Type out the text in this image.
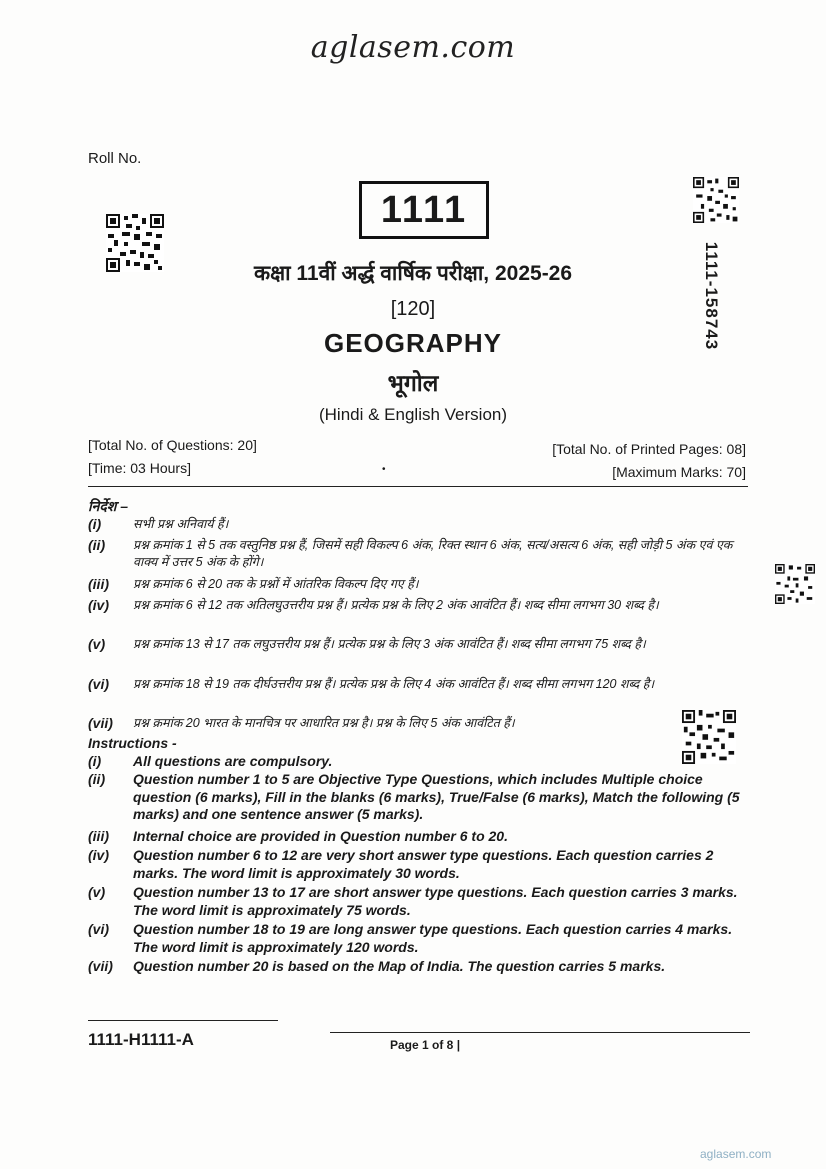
aglasem.com
Roll No.
1111
1111-158743
कक्षा 11वीं अर्द्ध वार्षिक परीक्षा, 2025-26
[120]
GEOGRAPHY
भूगोल
(Hindi & English Version)
[Total No. of Questions: 20]
[Time: 03 Hours]
[Total No. of Printed Pages: 08]
[Maximum Marks: 70]
•
निर्देश –
(i)	सभी प्रश्न अनिवार्य हैं।
(ii)	प्रश्न क्रमांक 1 से 5 तक वस्तुनिष्ठ प्रश्न हैं, जिसमें सही विकल्प 6 अंक, रिक्त स्थान 6 अंक, सत्य/असत्य 6 अंक, सही जोड़ी 5 अंक एवं एक वाक्य में उत्तर 5 अंक के होंगे।
(iii)	प्रश्न क्रमांक 6 से 20 तक के प्रश्नों में आंतरिक विकल्प दिए गए हैं।
(iv)	प्रश्न क्रमांक 6 से 12 तक अतिलघुउत्तरीय प्रश्न हैं। प्रत्येक प्रश्न के लिए 2 अंक आवंटित हैं। शब्द सीमा लगभग 30 शब्द है।
(v)	प्रश्न क्रमांक 13 से 17 तक लघुउत्तरीय प्रश्न हैं। प्रत्येक प्रश्न के लिए 3 अंक आवंटित हैं। शब्द सीमा लगभग 75 शब्द है।
(vi)	प्रश्न क्रमांक 18 से 19 तक दीर्घउत्तरीय प्रश्न हैं। प्रत्येक प्रश्न के लिए 4 अंक आवंटित हैं। शब्द सीमा लगभग 120 शब्द है।
(vii)	प्रश्न क्रमांक 20 भारत के मानचित्र पर आधारित प्रश्न है। प्रश्न के लिए 5 अंक आवंटित हैं।
Instructions -
(i)	All questions are compulsory.
(ii)	Question number 1 to 5 are Objective Type Questions, which includes Multiple choice question (6 marks), Fill in the blanks (6 marks), True/False (6 marks), Match the following (5 marks) and one sentence answer (5 marks).
(iii)	Internal choice are provided in Question number 6 to 20.
(iv)	Question number 6 to 12 are very short answer type questions. Each question carries 2 marks. The word limit is approximately 30 words.
(v)	Question number 13 to 17 are short answer type questions. Each question carries 3 marks. The word limit is approximately 75 words.
(vi)	Question number 18 to 19 are long answer type questions. Each question carries 4 marks. The word limit is approximately 120 words.
(vii)	Question number 20 is based on the Map of India. The question carries 5 marks.
1111-H1111-A	Page 1 of 8 |
aglasem.com
